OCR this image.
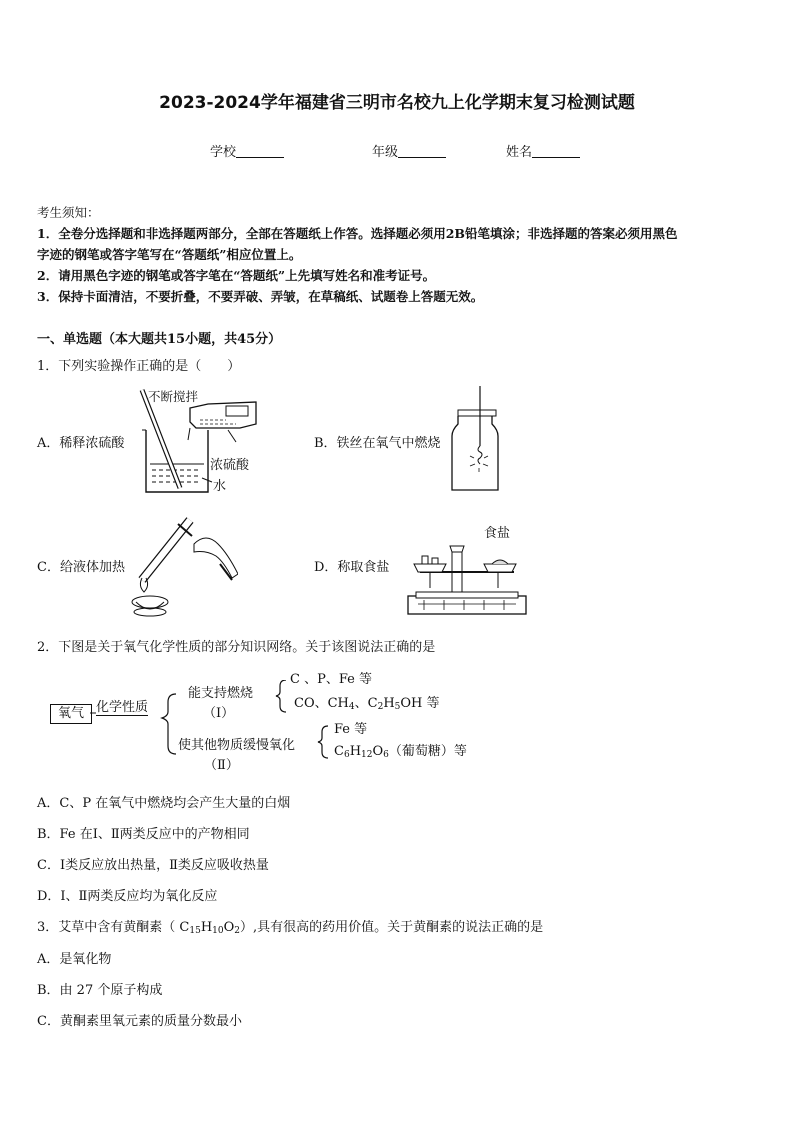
2023-2024学年福建省三明市名校九上化学期末复习检测试题
学校	年级	姓名
考生须知：
1．全卷分选择题和非选择题两部分，全部在答题纸上作答。选择题必须用2B铅笔填涂；非选择题的答案必须用黑色
字迹的钢笔或答字笔写在“答题纸”相应位置上。
2．请用黑色字迹的钢笔或答字笔在“答题纸”上先填写姓名和准考证号。
3．保持卡面清洁，不要折叠，不要弄破、弄皱，在草稿纸、试题卷上答题无效。
一、单选题（本大题共15小题，共45分）
1．下列实验操作正确的是（　　）
A．稀释浓硫酸
不断搅拌
浓硫酸
水
B．铁丝在氧气中燃烧
C．给液体加热	D．称取食盐
食盐
2．下图是关于氧气化学性质的部分知识网络。关于该图说法正确的是
氧气 化学性质
能支持燃烧
（Ⅰ）
使其他物质缓慢氧化
（Ⅱ）
C 、P、Fe 等
CO、$CH_4$、$C_2H_5OH$ 等
Fe 等
$C_6H_{12}O_6$（葡萄糖）等
A．C、P 在氧气中燃烧均会产生大量的白烟
B．Fe 在Ⅰ、Ⅱ两类反应中的产物相同
C．Ⅰ类反应放出热量，Ⅱ类反应吸收热量
D．Ⅰ、Ⅱ两类反应均为氧化反应
3．艾草中含有黄酮素（ $C_{15}H_{10}O_2$）,具有很高的药用价值。关于黄酮素的说法正确的是
A．是氧化物
B．由 27 个原子构成
C．黄酮素里氧元素的质量分数最小
